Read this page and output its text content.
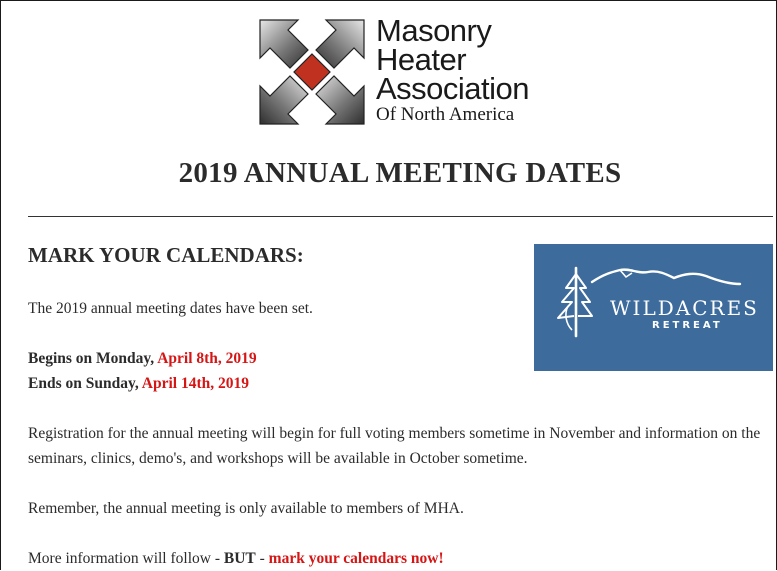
Masonry
Heater
Association
Of North America
2019 ANNUAL MEETING DATES
MARK YOUR CALENDARS:
WILDACRES
RETREAT

The 2019 annual meeting dates have been set.

Begins on Monday, April 8th, 2019

Ends on Sunday, April 14th, 2019

Registration for the annual meeting will begin for full voting members sometime in November and information on the seminars, clinics, demo's, and workshops will be available in October sometime.

Remember, the annual meeting is only available to members of MHA.

More information will follow - BUT - mark your calendars now!
